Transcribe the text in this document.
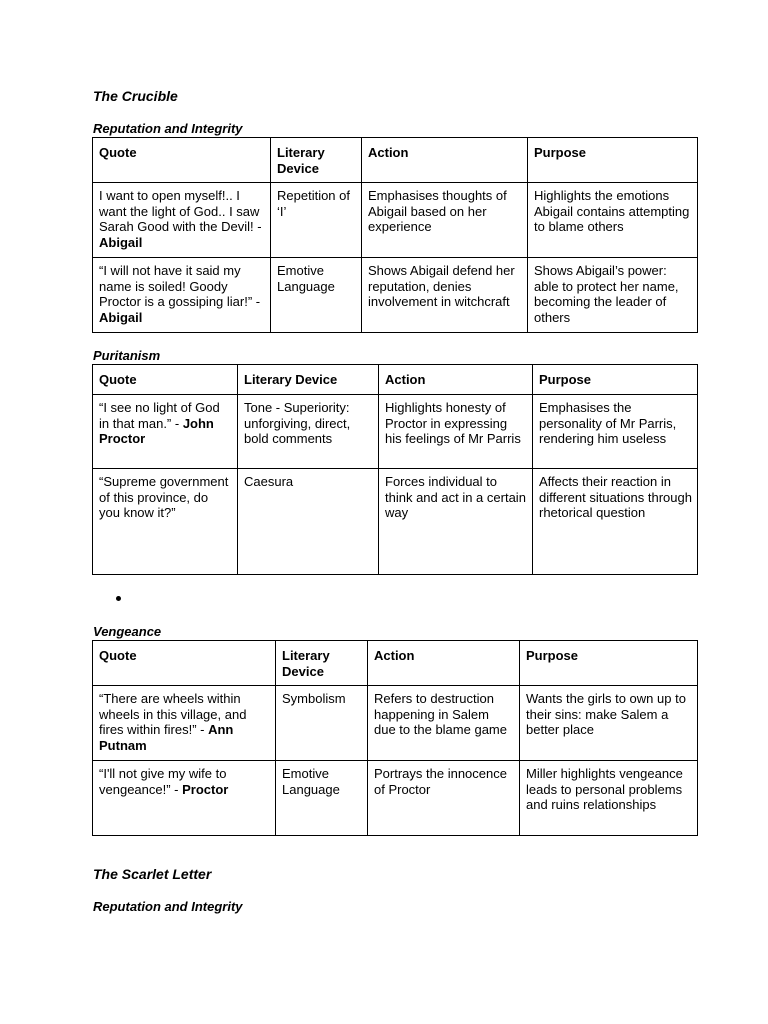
The Crucible
Reputation and Integrity
Quote	Literary Device	Action	Purpose
I want to open myself!.. I want the light of God.. I saw Sarah Good with the Devil! - Abigail	Repetition of ‘I’	Emphasises thoughts of Abigail based on her experience	Highlights the emotions Abigail contains attempting to blame others
“I will not have it said my name is soiled! Goody Proctor is a gossiping liar!” - Abigail	Emotive Language	Shows Abigail defend her reputation, denies involvement in witchcraft	Shows Abigail’s power: able to protect her name, becoming the leader of others
Puritanism
Quote	Literary Device	Action	Purpose
“I see no light of God in that man.” - John Proctor	Tone - Superiority: unforgiving, direct, bold comments	Highlights honesty of Proctor in expressing his feelings of Mr Parris	Emphasises the personality of Mr Parris, rendering him useless
“Supreme government of this province, do you know it?”	Caesura	Forces individual to think and act in a certain way	Affects their reaction in different situations through rhetorical question
Vengeance
Quote	Literary Device	Action	Purpose
“There are wheels within wheels in this village, and fires within fires!” - Ann Putnam	Symbolism	Refers to destruction happening in Salem due to the blame game	Wants the girls to own up to their sins: make Salem a better place
“I'll not give my wife to vengeance!” - Proctor	Emotive Language	Portrays the innocence of Proctor	Miller highlights vengeance leads to personal problems and ruins relationships
The Scarlet Letter
Reputation and Integrity
